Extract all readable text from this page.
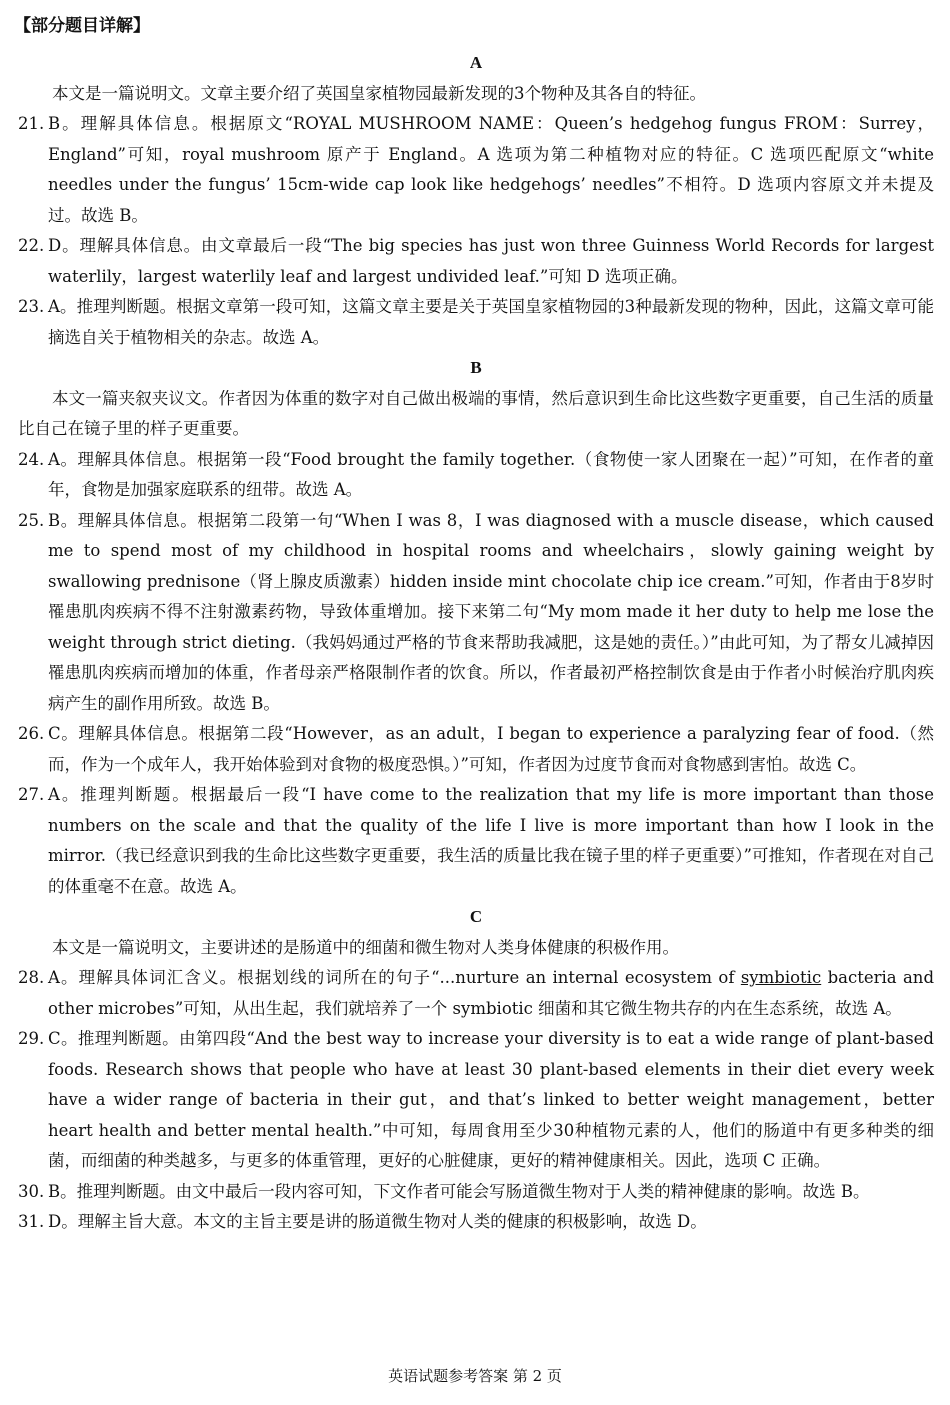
【部分题目详解】
A
本文是一篇说明文。文章主要介绍了英国皇家植物园最新发现的3个物种及其各自的特征。
21. B。理解具体信息。根据原文“ROYAL MUSHROOM NAME：Queen’s hedgehog fungus FROM：Surrey，England”可知，royal mushroom 原产于 England。A 选项为第二种植物对应的特征。C 选项匹配原文“white needles under the fungus’ 15cm-wide cap look like hedgehogs’ needles”不相符。D 选项内容原文并未提及过。故选 B。
22. D。理解具体信息。由文章最后一段“The big species has just won three Guinness World Records for largest waterlily，largest waterlily leaf and largest undivided leaf.”可知 D 选项正确。
23. A。推理判断题。根据文章第一段可知，这篇文章主要是关于英国皇家植物园的3种最新发现的物种，因此，这篇文章可能摘选自关于植物相关的杂志。故选 A。
B
本文一篇夹叙夹议文。作者因为体重的数字对自己做出极端的事情，然后意识到生命比这些数字更重要，自己生活的质量比自己在镜子里的样子更重要。
24. A。理解具体信息。根据第一段“Food brought the family together.（食物使一家人团聚在一起）”可知，在作者的童年，食物是加强家庭联系的纽带。故选 A。
25. B。理解具体信息。根据第二段第一句“When I was 8，I was diagnosed with a muscle disease，which caused me to spend most of my childhood in hospital rooms and wheelchairs，slowly gaining weight by swallowing prednisone（肾上腺皮质激素）hidden inside mint chocolate chip ice cream.”可知，作者由于8岁时罹患肌肉疾病不得不注射激素药物，导致体重增加。接下来第二句“My mom made it her duty to help me lose the weight through strict dieting.（我妈妈通过严格的节食来帮助我减肥，这是她的责任。）”由此可知，为了帮女儿减掉因罹患肌肉疾病而增加的体重，作者母亲严格限制作者的饮食。所以，作者最初严格控制饮食是由于作者小时候治疗肌肉疾病产生的副作用所致。故选 B。
26. C。理解具体信息。根据第二段“However，as an adult，I began to experience a paralyzing fear of food.（然而，作为一个成年人，我开始体验到对食物的极度恐惧。）”可知，作者因为过度节食而对食物感到害怕。故选 C。
27. A。推理判断题。根据最后一段“I have come to the realization that my life is more important than those numbers on the scale and that the quality of the life I live is more important than how I look in the mirror.（我已经意识到我的生命比这些数字更重要，我生活的质量比我在镜子里的样子更重要）”可推知，作者现在对自己的体重毫不在意。故选 A。
C
本文是一篇说明文，主要讲述的是肠道中的细菌和微生物对人类身体健康的积极作用。
28. A。理解具体词汇含义。根据划线的词所在的句子“...nurture an internal ecosystem of symbiotic bacteria and other microbes”可知，从出生起，我们就培养了一个 symbiotic 细菌和其它微生物共存的内在生态系统，故选 A。
29. C。推理判断题。由第四段“And the best way to increase your diversity is to eat a wide range of plant-based foods. Research shows that people who have at least 30 plant-based elements in their diet every week have a wider range of bacteria in their gut，and that’s linked to better weight management，better heart health and better mental health.”中可知，每周食用至少30种植物元素的人，他们的肠道中有更多种类的细菌，而细菌的种类越多，与更多的体重管理，更好的心脏健康，更好的精神健康相关。因此，选项 C 正确。
30. B。推理判断题。由文中最后一段内容可知，下文作者可能会写肠道微生物对于人类的精神健康的影响。故选 B。
31. D。理解主旨大意。本文的主旨主要是讲的肠道微生物对人类的健康的积极影响，故选 D。
英语试题参考答案 第 2 页
